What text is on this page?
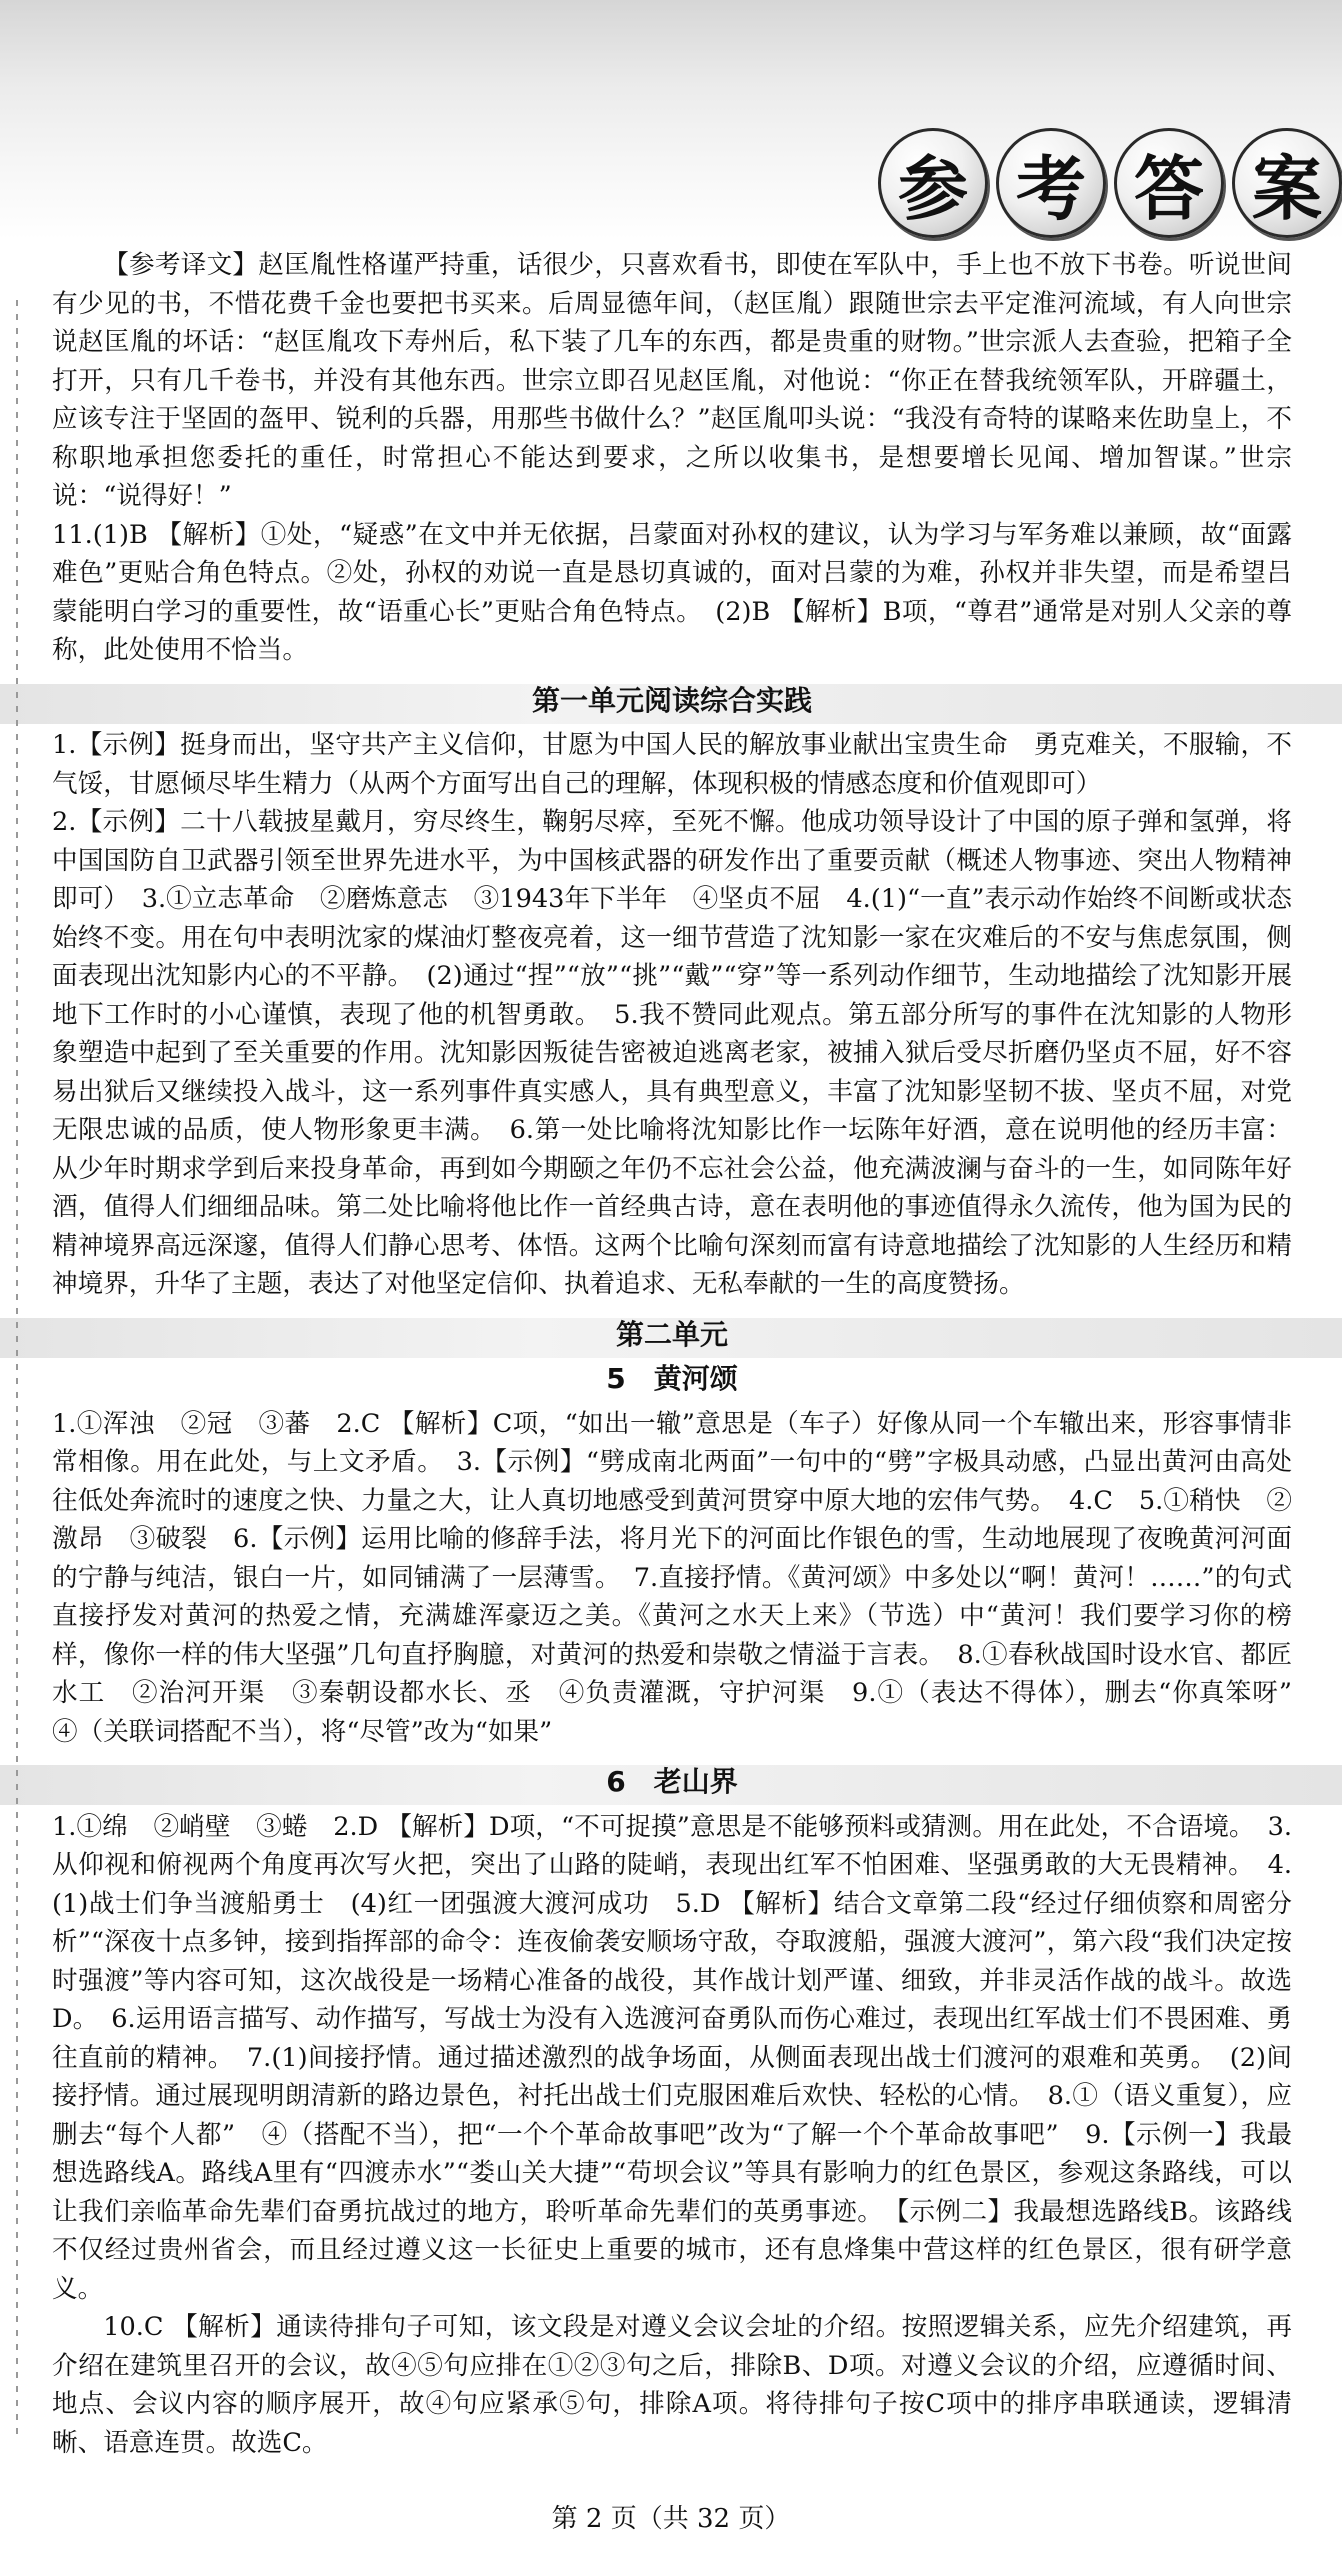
参 考 答 案

【参考译文】赵匡胤性格谨严持重，话很少，只喜欢看书，即使在军队中，手上也不放下书卷。听说世间有少见的书，不惜花费千金也要把书买来。后周显德年间，（赵匡胤）跟随世宗去平定淮河流域，有人向世宗说赵匡胤的坏话：“赵匡胤攻下寿州后，私下装了几车的东西，都是贵重的财物。”世宗派人去查验，把箱子全打开，只有几千卷书，并没有其他东西。世宗立即召见赵匡胤，对他说：“你正在替我统领军队，开辟疆土，应该专注于坚固的盔甲、锐利的兵器，用那些书做什么？”赵匡胤叩头说：“我没有奇特的谋略来佐助皇上，不称职地承担您委托的重任，时常担心不能达到要求，之所以收集书，是想要增长见闻、增加智谋。”世宗说：“说得好！”

11.(1)B 【解析】①处，“疑惑”在文中并无依据，吕蒙面对孙权的建议，认为学习与军务难以兼顾，故“面露难色”更贴合角色特点。②处，孙权的劝说一直是恳切真诚的，面对吕蒙的为难，孙权并非失望，而是希望吕蒙能明白学习的重要性，故“语重心长”更贴合角色特点。　(2)B 【解析】B项，“尊君”通常是对别人父亲的尊称，此处使用不恰当。

第一单元阅读综合实践

1.【示例】挺身而出，坚守共产主义信仰，甘愿为中国人民的解放事业献出宝贵生命　勇克难关，不服输，不气馁，甘愿倾尽毕生精力（从两个方面写出自己的理解，体现积极的情感态度和价值观即可）

2.【示例】二十八载披星戴月，穷尽终生，鞠躬尽瘁，至死不懈。他成功领导设计了中国的原子弹和氢弹，将中国国防自卫武器引领至世界先进水平，为中国核武器的研发作出了重要贡献（概述人物事迹、突出人物精神即可）　3.①立志革命　②磨炼意志　③1943年下半年　④坚贞不屈　4.(1)“一直”表示动作始终不间断或状态始终不变。用在句中表明沈家的煤油灯整夜亮着，这一细节营造了沈知影一家在灾难后的不安与焦虑氛围，侧面表现出沈知影内心的不平静。　(2)通过“捏”“放”“挑”“戴”“穿”等一系列动作细节，生动地描绘了沈知影开展地下工作时的小心谨慎，表现了他的机智勇敢。　5.我不赞同此观点。第五部分所写的事件在沈知影的人物形象塑造中起到了至关重要的作用。沈知影因叛徒告密被迫逃离老家，被捕入狱后受尽折磨仍坚贞不屈，好不容易出狱后又继续投入战斗，这一系列事件真实感人，具有典型意义，丰富了沈知影坚韧不拔、坚贞不屈，对党无限忠诚的品质，使人物形象更丰满。　6.第一处比喻将沈知影比作一坛陈年好酒，意在说明他的经历丰富：从少年时期求学到后来投身革命，再到如今期颐之年仍不忘社会公益，他充满波澜与奋斗的一生，如同陈年好酒，值得人们细细品味。第二处比喻将他比作一首经典古诗，意在表明他的事迹值得永久流传，他为国为民的精神境界高远深邃，值得人们静心思考、体悟。这两个比喻句深刻而富有诗意地描绘了沈知影的人生经历和精神境界，升华了主题，表达了对他坚定信仰、执着追求、无私奉献的一生的高度赞扬。

第二单元
5　黄河颂

1.①浑浊　②冠　③蕃　2.C 【解析】C项，“如出一辙”意思是（车子）好像从同一个车辙出来，形容事情非常相像。用在此处，与上文矛盾。　3.【示例】“劈成南北两面”一句中的“劈”字极具动感，凸显出黄河由高处往低处奔流时的速度之快、力量之大，让人真切地感受到黄河贯穿中原大地的宏伟气势。　4.C　5.①稍快　②激昂　③破裂　6.【示例】运用比喻的修辞手法，将月光下的河面比作银色的雪，生动地展现了夜晚黄河河面的宁静与纯洁，银白一片，如同铺满了一层薄雪。　7.直接抒情。《黄河颂》中多处以“啊！黄河！……”的句式直接抒发对黄河的热爱之情，充满雄浑豪迈之美。《黄河之水天上来》（节选）中“黄河！我们要学习你的榜样，像你一样的伟大坚强”几句直抒胸臆，对黄河的热爱和崇敬之情溢于言表。　8.①春秋战国时设水官、都匠水工　②治河开渠　③秦朝设都水长、丞　④负责灌溉，守护河渠　9.①（表达不得体），删去“你真笨呀”　④（关联词搭配不当），将“尽管”改为“如果”

6　老山界

1.①绵　②峭壁　③蜷　2.D 【解析】D项，“不可捉摸”意思是不能够预料或猜测。用在此处，不合语境。　3.从仰视和俯视两个角度再次写火把，突出了山路的陡峭，表现出红军不怕困难、坚强勇敢的大无畏精神。　4.(1)战士们争当渡船勇士　(4)红一团强渡大渡河成功　5.D 【解析】结合文章第二段“经过仔细侦察和周密分析”“深夜十点多钟，接到指挥部的命令：连夜偷袭安顺场守敌，夺取渡船，强渡大渡河”，第六段“我们决定按时强渡”等内容可知，这次战役是一场精心准备的战役，其作战计划严谨、细致，并非灵活作战的战斗。故选D。　6.运用语言描写、动作描写，写战士为没有入选渡河奋勇队而伤心难过，表现出红军战士们不畏困难、勇往直前的精神。　7.(1)间接抒情。通过描述激烈的战争场面，从侧面表现出战士们渡河的艰难和英勇。　(2)间接抒情。通过展现明朗清新的路边景色，衬托出战士们克服困难后欢快、轻松的心情。　8.①（语义重复），应删去“每个人都”　④（搭配不当），把“一个个革命故事吧”改为“了解一个个革命故事吧”　9.【示例一】我最想选路线A。路线A里有“四渡赤水”“娄山关大捷”“苟坝会议”等具有影响力的红色景区，参观这条路线，可以让我们亲临革命先辈们奋勇抗战过的地方，聆听革命先辈们的英勇事迹。　【示例二】我最想选路线B。该路线不仅经过贵州省会，而且经过遵义这一长征史上重要的城市，还有息烽集中营这样的红色景区，很有研学意义。

10.C 【解析】通读待排句子可知，该文段是对遵义会议会址的介绍。按照逻辑关系，应先介绍建筑，再介绍在建筑里召开的会议，故④⑤句应排在①②③句之后，排除B、D项。对遵义会议的介绍，应遵循时间、地点、会议内容的顺序展开，故④句应紧承⑤句，排除A项。将待排句子按C项中的排序串联通读，逻辑清晰、语意连贯。故选C。

第 2 页（共 32 页）
